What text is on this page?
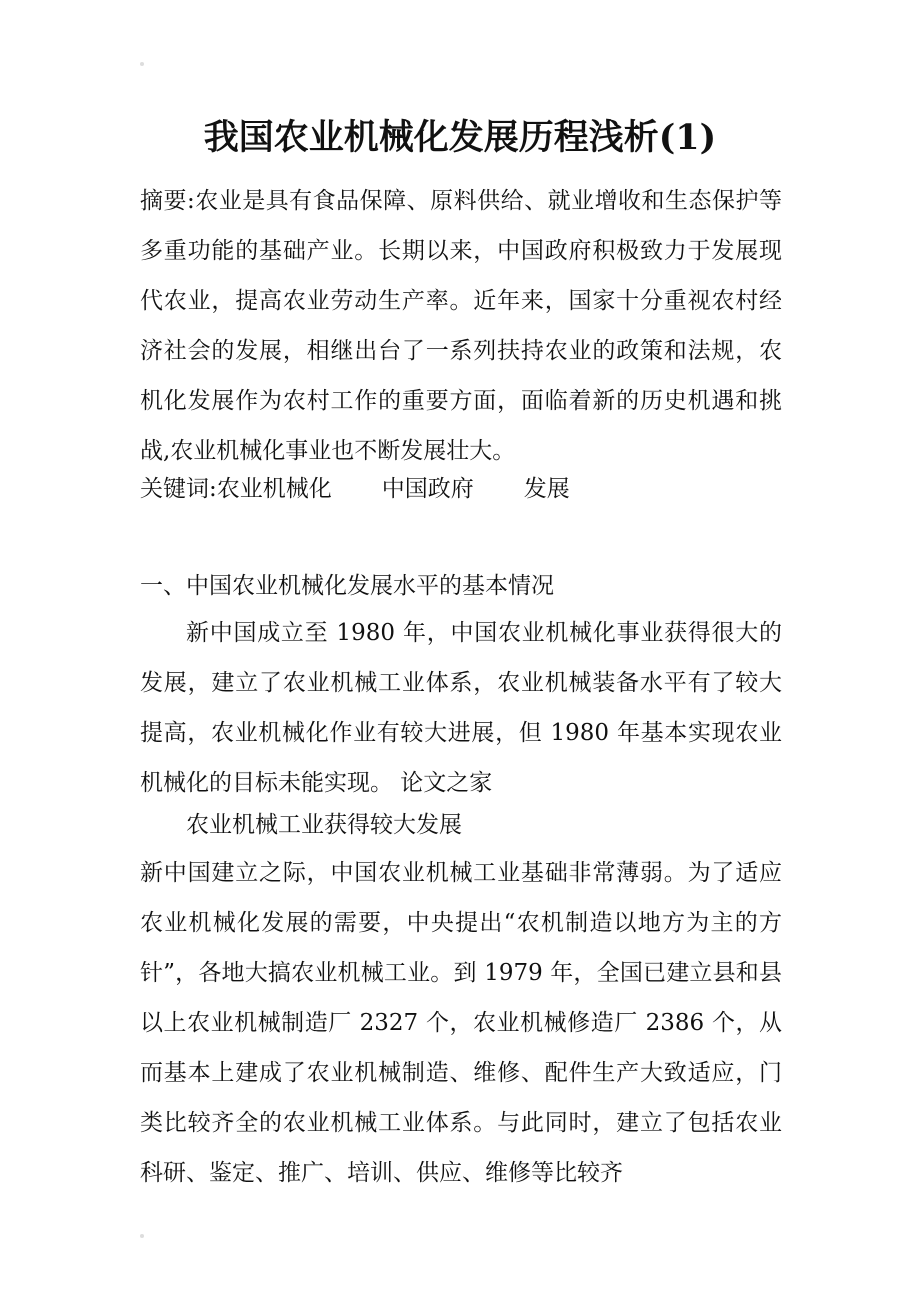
我国农业机械化发展历程浅析(1)

摘要:农业是具有食品保障、原料供给、就业增收和生态保护等多重功能的基础产业。长期以来，中国政府积极致力于发展现代农业，提高农业劳动生产率。近年来，国家十分重视农村经济社会的发展，相继出台了一系列扶持农业的政策和法规，农机化发展作为农村工作的重要方面，面临着新的历史机遇和挑战,农业机械化事业也不断发展壮大。

关键词:农业机械化 中国政府 发展

一、中国农业机械化发展水平的基本情况

新中国成立至 1980 年，中国农业机械化事业获得很大的发展，建立了农业机械工业体系，农业机械装备水平有了较大提高，农业机械化作业有较大进展，但 1980 年基本实现农业机械化的目标未能实现。 论文之家

农业机械工业获得较大发展

新中国建立之际，中国农业机械工业基础非常薄弱。为了适应农业机械化发展的需要，中央提出“农机制造以地方为主的方针”，各地大搞农业机械工业。到 1979 年，全国已建立县和县以上农业机械制造厂 2327 个，农业机械修造厂 2386 个，从而基本上建成了农业机械制造、维修、配件生产大致适应，门类比较齐全的农业机械工业体系。与此同时，建立了包括农业科研、鉴定、推广、培训、供应、维修等比较齐
